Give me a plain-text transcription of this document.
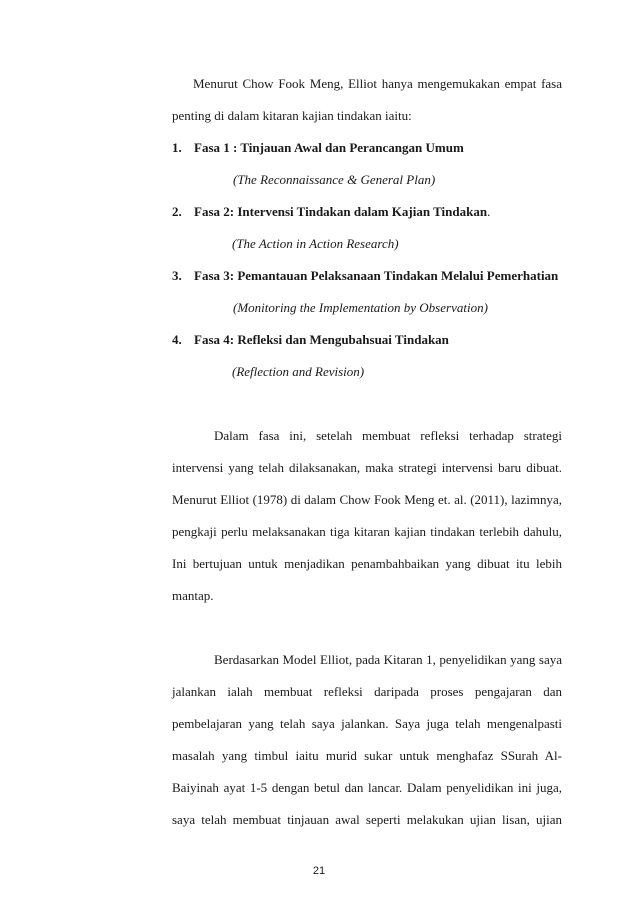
Menurut Chow Fook Meng, Elliot hanya mengemukakan empat fasa
penting di dalam kitaran kajian tindakan iaitu:
1. Fasa 1 : Tinjauan Awal dan Perancangan Umum
(The Reconnaissance & General Plan)
2. Fasa 2: Intervensi Tindakan dalam Kajian Tindakan.
(The Action in Action Research)
3. Fasa 3: Pemantauan Pelaksanaan Tindakan Melalui Pemerhatian
(Monitoring the Implementation by Observation)
4. Fasa 4: Refleksi dan Mengubahsuai Tindakan
(Reflection and Revision)
Dalam fasa ini, setelah membuat refleksi terhadap strategi
intervensi yang telah dilaksanakan, maka strategi intervensi baru dibuat.
Menurut Elliot (1978) di dalam Chow Fook Meng et. al. (2011), lazimnya,
pengkaji perlu melaksanakan tiga kitaran kajian tindakan terlebih dahulu,
Ini bertujuan untuk menjadikan penambahbaikan yang dibuat itu lebih
mantap.
Berdasarkan Model Elliot, pada Kitaran 1, penyelidikan yang saya
jalankan ialah membuat refleksi daripada proses pengajaran dan
pembelajaran yang telah saya jalankan. Saya juga telah mengenalpasti
masalah yang timbul iaitu murid sukar untuk menghafaz SSurah Al-
Baiyinah ayat 1-5 dengan betul dan lancar. Dalam penyelidikan ini juga,
saya telah membuat tinjauan awal seperti melakukan ujian lisan, ujian
21
